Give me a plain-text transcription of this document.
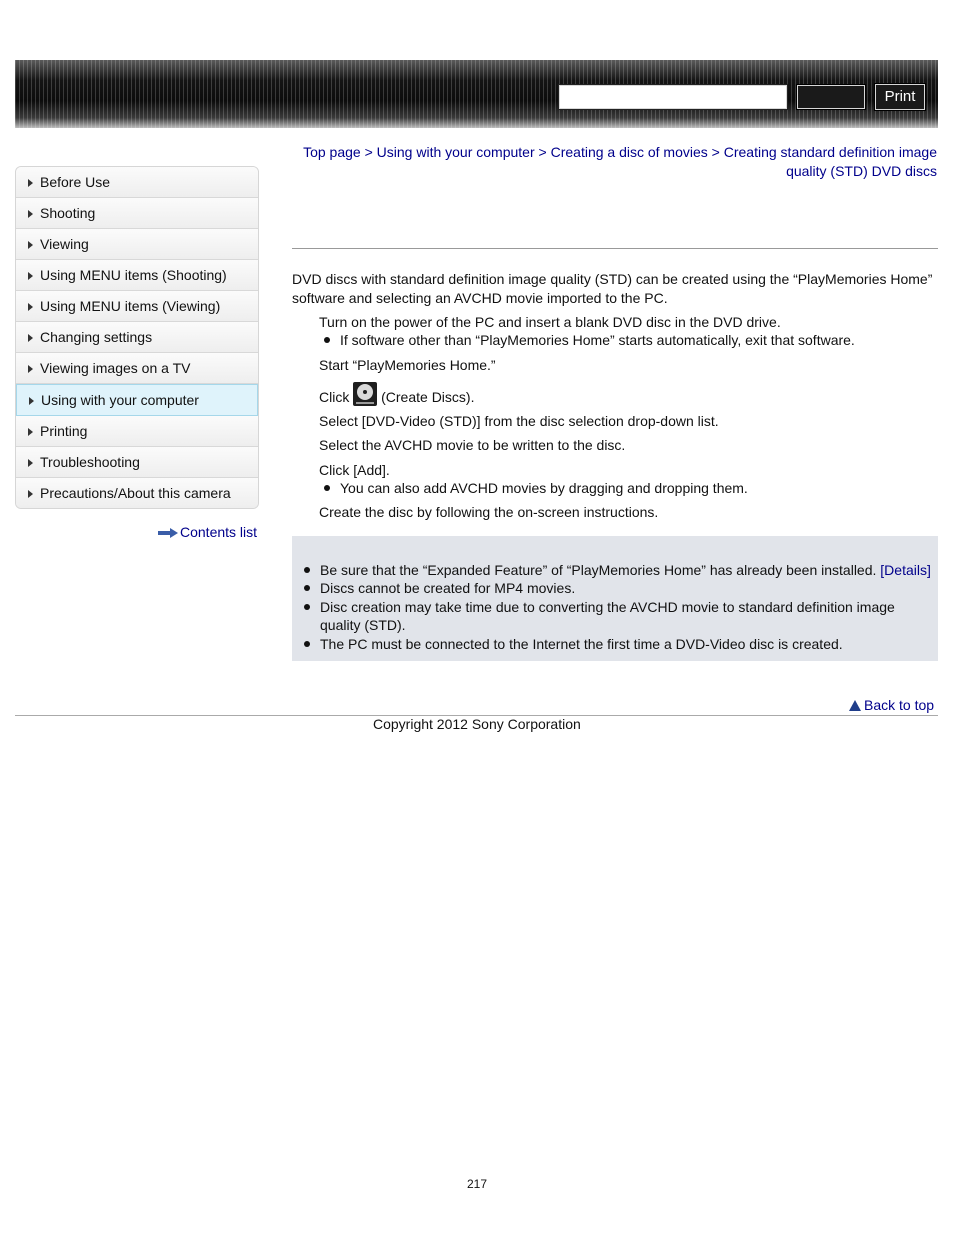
Print
Before Use
Shooting
Viewing
Using MENU items (Shooting)
Using MENU items (Viewing)
Changing settings
Viewing images on a TV
Using with your computer
Printing
Troubleshooting
Precautions/About this camera
Contents list
Top page > Using with your computer > Creating a disc of movies > Creating standard definition image quality (STD) DVD discs
DVD discs with standard definition image quality (STD) can be created using the “PlayMemories Home” software and selecting an AVCHD movie imported to the PC.
Turn on the power of the PC and insert a blank DVD disc in the DVD drive.
If software other than “PlayMemories Home” starts automatically, exit that software.
Start “PlayMemories Home.”
Click (Create Discs).
Select [DVD-Video (STD)] from the disc selection drop-down list.
Select the AVCHD movie to be written to the disc.
Click [Add].
You can also add AVCHD movies by dragging and dropping them.
Create the disc by following the on-screen instructions.
Be sure that the “Expanded Feature” of “PlayMemories Home” has already been installed. [Details]
Discs cannot be created for MP4 movies.
Disc creation may take time due to converting the AVCHD movie to standard definition image quality (STD).
The PC must be connected to the Internet the first time a DVD-Video disc is created.
Back to top
Copyright 2012 Sony Corporation
217
